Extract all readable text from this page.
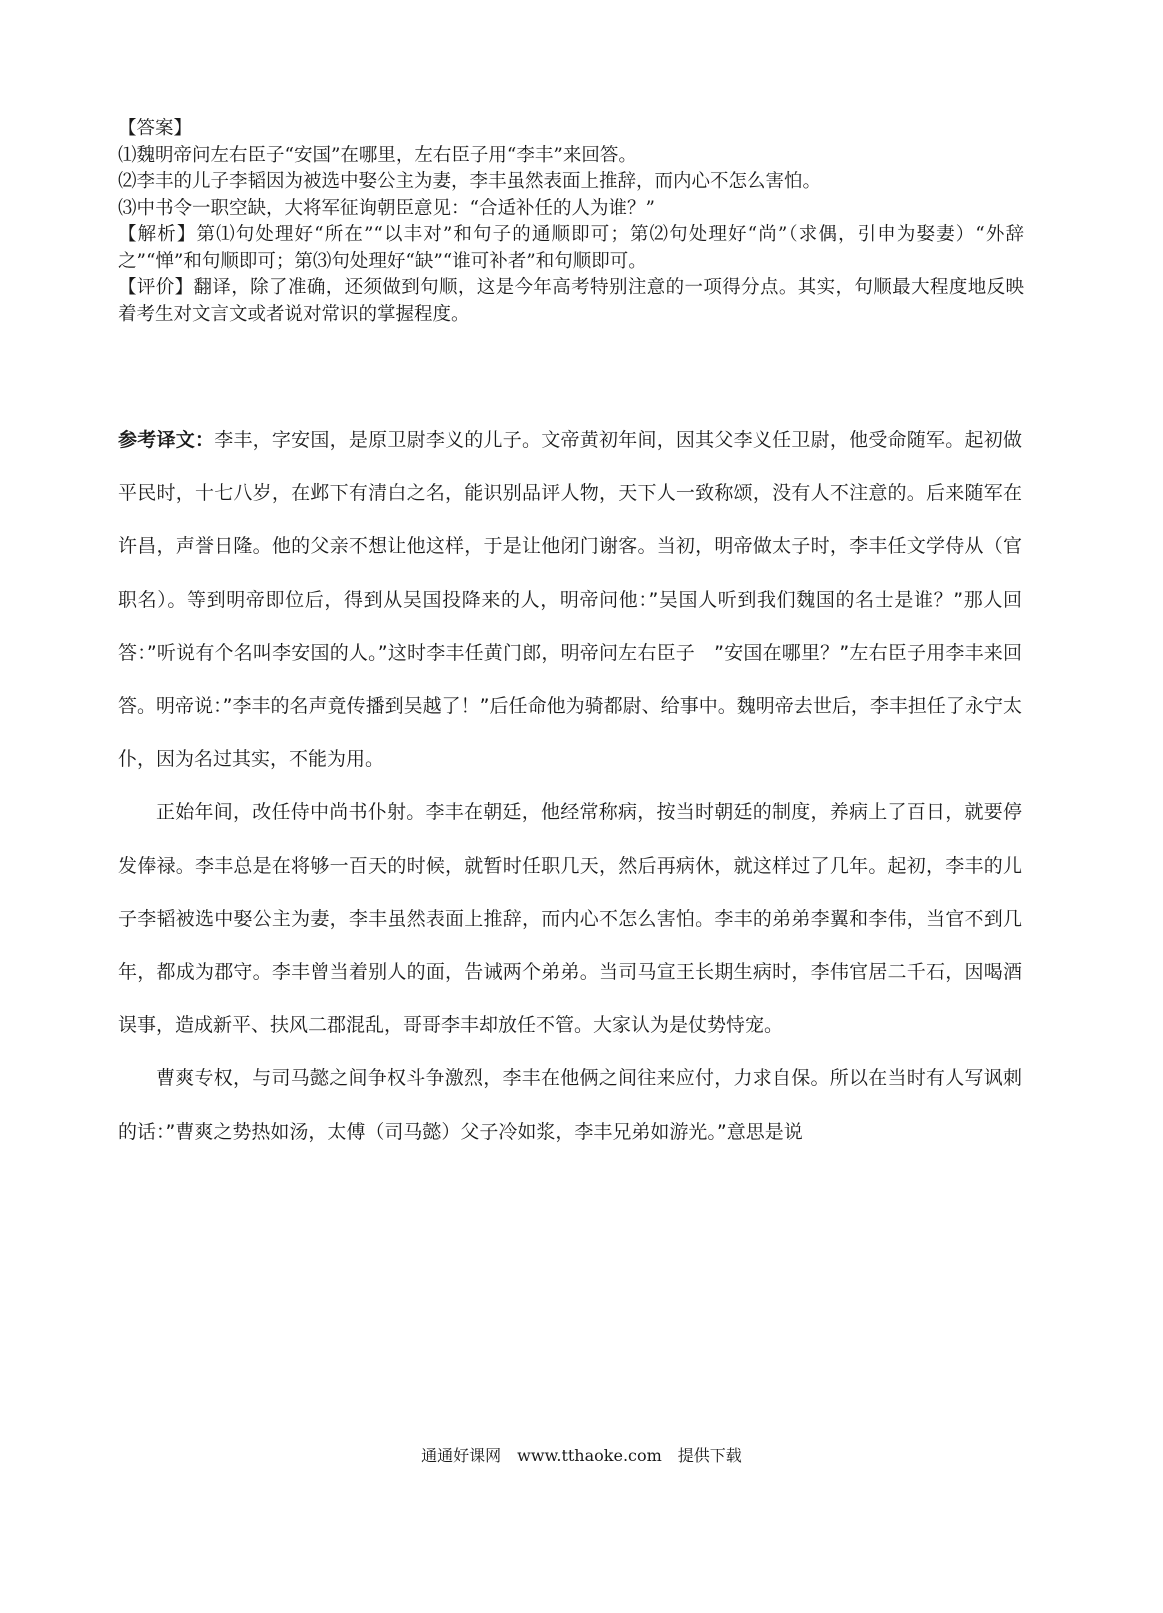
【答案】

⑴魏明帝问左右臣子“安国”在哪里，左右臣子用“李丰”来回答。

⑵李丰的儿子李韬因为被选中娶公主为妻，李丰虽然表面上推辞，而内心不怎么害怕。

⑶中书令一职空缺，大将军征询朝臣意见：“合适补任的人为谁？”

【解析】第⑴句处理好“所在”“以丰对”和句子的通顺即可；第⑵句处理好“尚”（求偶，引申为娶妻）“外辞之”“惮”和句顺即可；第⑶句处理好“缺”“谁可补者”和句顺即可。

【评价】翻译，除了准确，还须做到句顺，这是今年高考特别注意的一项得分点。其实，句顺最大程度地反映着考生对文言文或者说对常识的掌握程度。

参考译文：李丰，字安国，是原卫尉李义的儿子。文帝黄初年间，因其父李义任卫尉，他受命随军。起初做平民时，十七八岁，在邺下有清白之名，能识别品评人物，天下人一致称颂，没有人不注意的。后来随军在许昌，声誉日隆。他的父亲不想让他这样，于是让他闭门谢客。当初，明帝做太子时，李丰任文学侍从（官职名）。等到明帝即位后，得到从吴国投降来的人，明帝问他：”吴国人听到我们魏国的名士是谁？”那人回答：”听说有个名叫李安国的人。”这时李丰任黄门郎，明帝问左右臣子　”安国在哪里？”左右臣子用李丰来回答。明帝说：”李丰的名声竟传播到吴越了！”后任命他为骑都尉、给事中。魏明帝去世后，李丰担任了永宁太仆，因为名过其实，不能为用。

正始年间，改任侍中尚书仆射。李丰在朝廷，他经常称病，按当时朝廷的制度，养病上了百日，就要停发俸禄。李丰总是在将够一百天的时候，就暂时任职几天，然后再病休，就这样过了几年。起初，李丰的儿子李韬被选中娶公主为妻，李丰虽然表面上推辞，而内心不怎么害怕。李丰的弟弟李翼和李伟，当官不到几年，都成为郡守。李丰曾当着别人的面，告诫两个弟弟。当司马宣王长期生病时，李伟官居二千石，因喝酒误事，造成新平、扶风二郡混乱，哥哥李丰却放任不管。大家认为是仗势恃宠。

曹爽专权，与司马懿之间争权斗争激烈，李丰在他俩之间往来应付，力求自保。所以在当时有人写讽刺的话：”曹爽之势热如汤，太傅（司马懿）父子冷如浆，李丰兄弟如游光。”意思是说

通通好课网　www.tthaoke.com　提供下载
